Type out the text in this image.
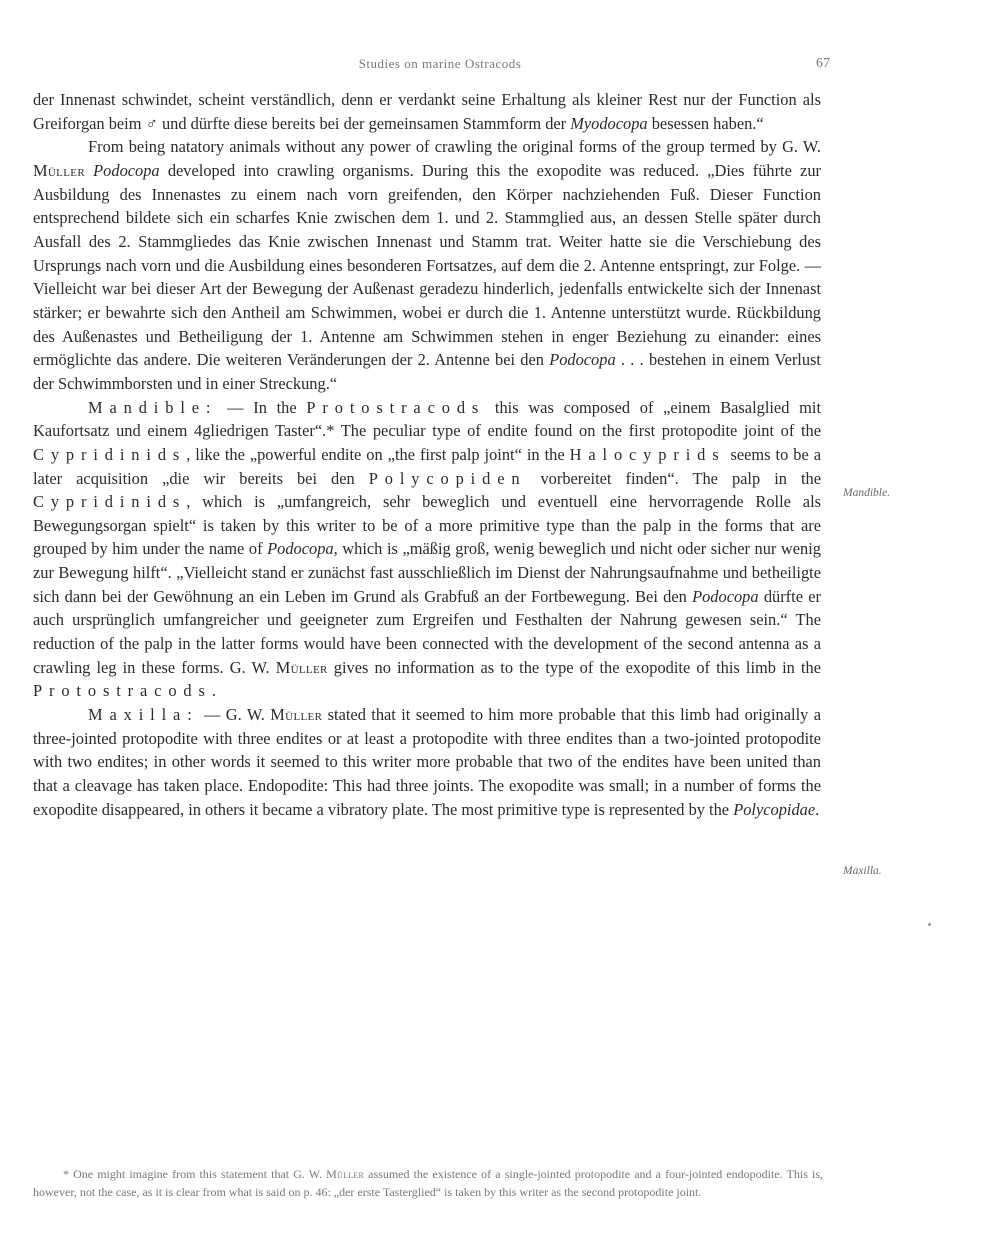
Studies on marine Ostracods	67

der Innenast schwindet, scheint verständlich, denn er verdankt seine Erhaltung als kleiner Rest nur der Function als Greiforgan beim ♂ und dürfte diese bereits bei der gemeinsamen Stammform der Myodocopa besessen haben.“

From being natatory animals without any power of crawling the original forms of the group termed by G. W. Müller Podocopa developed into crawling organisms. During this the exopodite was reduced. „Dies führte zur Ausbildung des Innenastes zu einem nach vorn greifenden, den Körper nachziehenden Fuß. Dieser Function entsprechend bildete sich ein scharfes Knie zwischen dem 1. und 2. Stammglied aus, an dessen Stelle später durch Ausfall des 2. Stammgliedes das Knie zwischen Innenast und Stamm trat. Weiter hatte sie die Verschiebung des Ursprungs nach vorn und die Ausbildung eines besonderen Fortsatzes, auf dem die 2. Antenne entspringt, zur Folge. — Vielleicht war bei dieser Art der Bewegung der Außenast geradezu hinderlich, jedenfalls entwickelte sich der Innenast stärker; er bewahrte sich den Antheil am Schwimmen, wobei er durch die 1. Antenne unterstützt wurde. Rückbildung des Außenastes und Betheiligung der 1. Antenne am Schwimmen stehen in enger Beziehung zu einander: eines ermöglichte das andere. Die weiteren Veränderungen der 2. Antenne bei den Podocopa . . . bestehen in einem Verlust der Schwimmborsten und in einer Streckung.“

Mandible: — In the Protostracods this was composed of „einem Basalglied mit Kaufortsatz und einem 4gliedrigen Taster“.* The peculiar type of endite found on the first protopodite joint of the Cypridinids, like the „powerful endite on „the first palp joint“ in the Halocyprids seems to be a later acquisition „die wir bereits bei den Polycopiden vorbereitet finden“. The palp in the Cypridinids, which is „umfangreich, sehr beweglich und eventuell eine hervorragende Rolle als Bewegungsorgan spielt“ is taken by this writer to be of a more primitive type than the palp in the forms that are grouped by him under the name of Podocopa, which is „mäßig groß, wenig beweglich und nicht oder sicher nur wenig zur Bewegung hilft“. „Vielleicht stand er zunächst fast ausschließlich im Dienst der Nahrungsaufnahme und betheiligte sich dann bei der Gewöhnung an ein Leben im Grund als Grabfuß an der Fortbewegung. Bei den Podocopa dürfte er auch ursprünglich umfangreicher und geeigneter zum Ergreifen und Festhalten der Nahrung gewesen sein.“ The reduction of the palp in the latter forms would have been connected with the development of the second antenna as a crawling leg in these forms. G. W. Müller gives no information as to the type of the exopodite of this limb in the Protostracods.

Maxilla: — G. W. Müller stated that it seemed to him more probable that this limb had originally a three-jointed protopodite with three endites or at least a protopodite with three endites than a two-jointed protopodite with two endites; in other words it seemed to this writer more probable that two of the endites have been united than that a cleavage has taken place. Endopodite: This had three joints. The exopodite was small; in a number of forms the exopodite disappeared, in others it became a vibratory plate. The most primitive type is represented by the Polycopidae.

Mandible.
Maxilla.

* One might imagine from this statement that G. W. Müller assumed the existence of a single-jointed protopodite and a four-jointed endopodite. This is, however, not the case, as it is clear from what is said on p. 46: „der erste Tasterglied“ is taken by this writer as the second protopodite joint.
